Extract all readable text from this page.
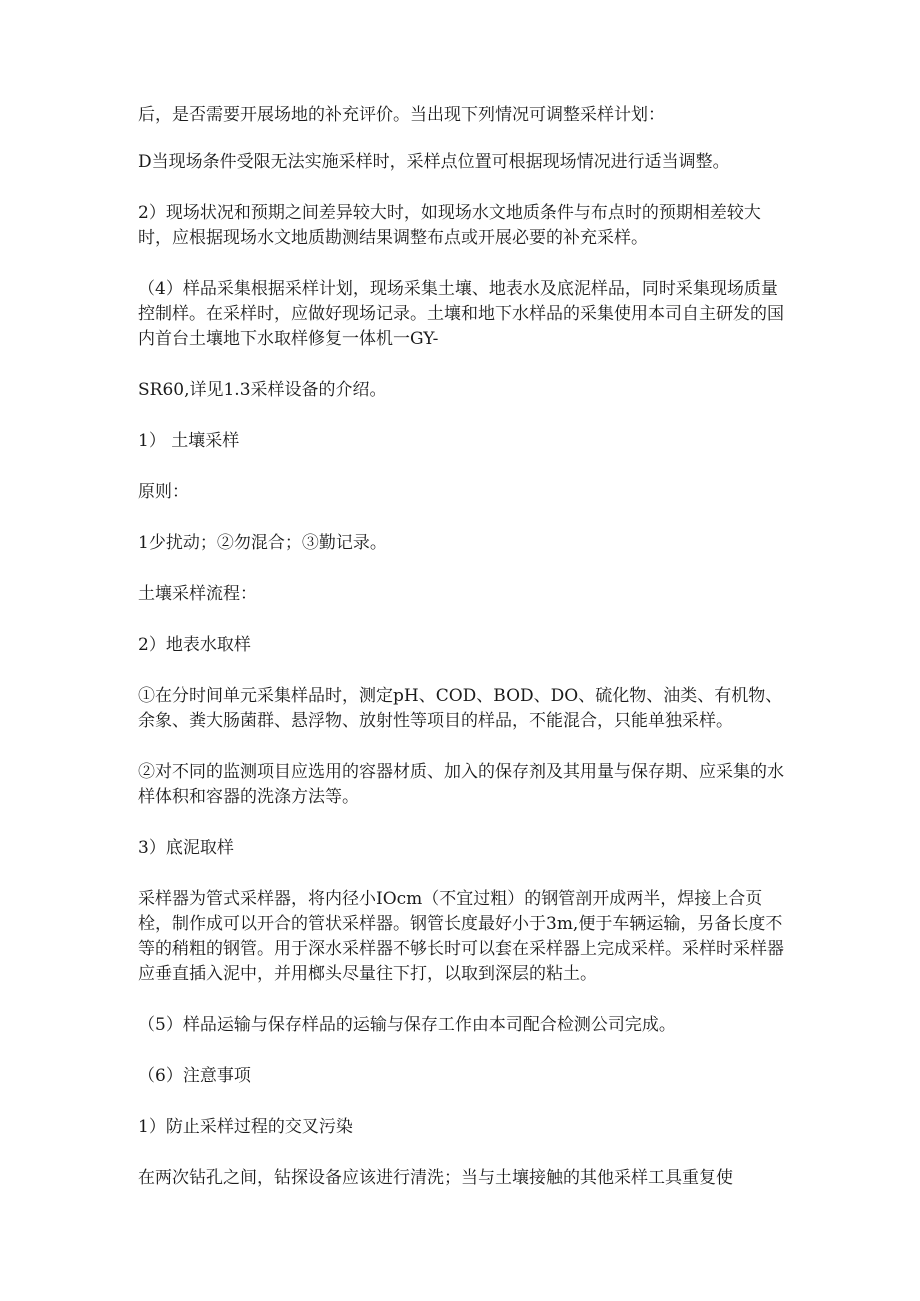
后，是否需要开展场地的补充评价。当出现下列情况可调整采样计划：

D当现场条件受限无法实施采样时，采样点位置可根据现场情况进行适当调整。

2）现场状况和预期之间差异较大时，如现场水文地质条件与布点时的预期相差较大时，应根据现场水文地质勘测结果调整布点或开展必要的补充采样。

（4）样品采集根据采样计划，现场采集土壤、地表水及底泥样品，同时采集现场质量控制样。在采样时，应做好现场记录。土壤和地下水样品的采集使用本司自主研发的国内首台土壤地下水取样修复一体机一GY-

SR60,详见1.3采样设备的介绍。

1） 土壤采样

原则：

1少扰动；②勿混合；③勤记录。

土壤采样流程：

2）地表水取样

①在分时间单元采集样品时，测定pH、COD、BOD、DO、硫化物、油类、有机物、余象、粪大肠菌群、悬浮物、放射性等项目的样品，不能混合，只能单独采样。

②对不同的监测项目应选用的容器材质、加入的保存剂及其用量与保存期、应采集的水样体积和容器的洗涤方法等。

3）底泥取样

采样器为管式采样器，将内径小IOcm（不宜过粗）的钢管剖开成两半，焊接上合页栓，制作成可以开合的管状采样器。钢管长度最好小于3m,便于车辆运输，另备长度不等的稍粗的钢管。用于深水采样器不够长时可以套在采样器上完成采样。采样时采样器应垂直插入泥中，并用榔头尽量往下打，以取到深层的粘土。

（5）样品运输与保存样品的运输与保存工作由本司配合检测公司完成。

（6）注意事项

1）防止采样过程的交叉污染

在两次钻孔之间，钻探设备应该进行清洗；当与土壤接触的其他采样工具重复使
